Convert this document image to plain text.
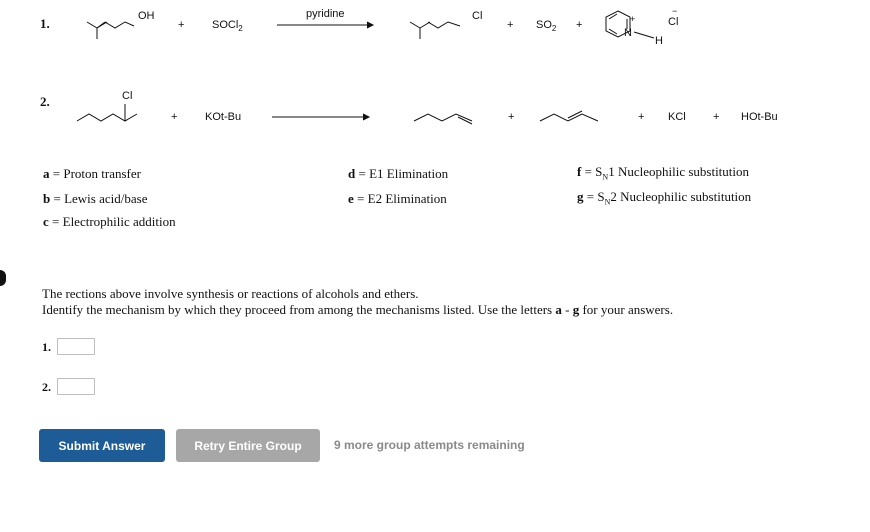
1.	OH
+	SOCl$_2$
pyridine	Cl
+ $SO_2$ +
N
+
H
Cl
−
2.	Cl
+	KOt-Bu	+	+ KCl + HOt-Bu
a = Proton transfer
b = Lewis acid/base
c = Electrophilic addition
d = E1 Elimination
e = E2 Elimination
$f = S_N1$ Nucleophilic substitution
$g = S_N2$ Nucleophilic substitution
The rections above involve synthesis or reactions of alcohols and ethers.
Identify the mechanism by which they proceed from among the mechanisms listed. Use the letters a - g for your answers.
1.
2.
Submit Answer	Retry Entire Group	9 more group attempts remaining
